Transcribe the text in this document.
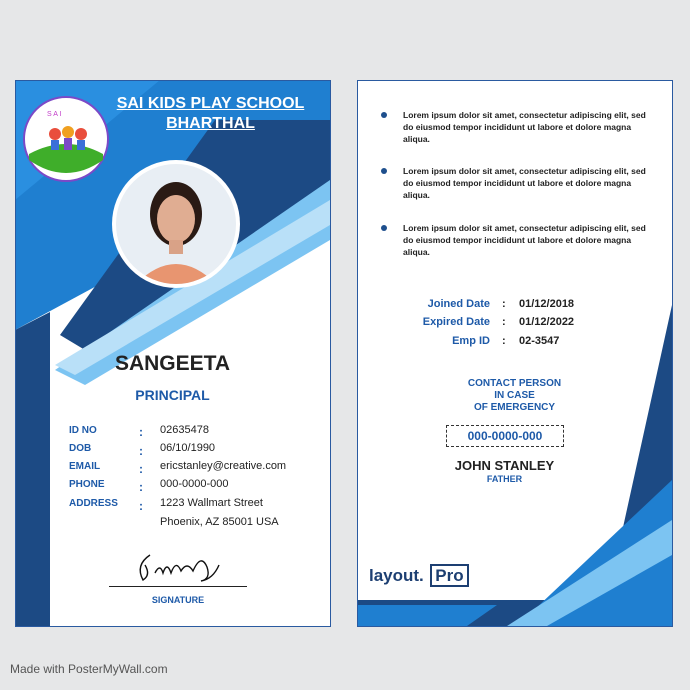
S A I
SAI KIDS PLAY SCHOOL
BHARTHAL
SANGEETA
PRINCIPAL
ID NO	: 02635478
DOB	: 06/10/1990
EMAIL	: ericstanley@creative.com
PHONE	: 000-0000-000
ADDRESS : 1223 Wallmart Street
Phoenix, AZ 85001 USA
SIGNATURE
Lorem ipsum dolor sit amet, consectetur adipiscing elit, sed do eiusmod tempor incididunt ut labore et dolore magna aliqua.
Lorem ipsum dolor sit amet, consectetur adipiscing elit, sed do eiusmod tempor incididunt ut labore et dolore magna aliqua.
Lorem ipsum dolor sit amet, consectetur adipiscing elit, sed do eiusmod tempor incididunt ut labore et dolore magna aliqua.
Joined Date : 01/12/2018
Expired Date : 01/12/2022
Emp ID : 02-3547
CONTACT PERSON
IN CASE
OF EMERGENCY
000-0000-000
JOHN STANLEY
FATHER
layout. Pro
Made with PosterMyWall.com
